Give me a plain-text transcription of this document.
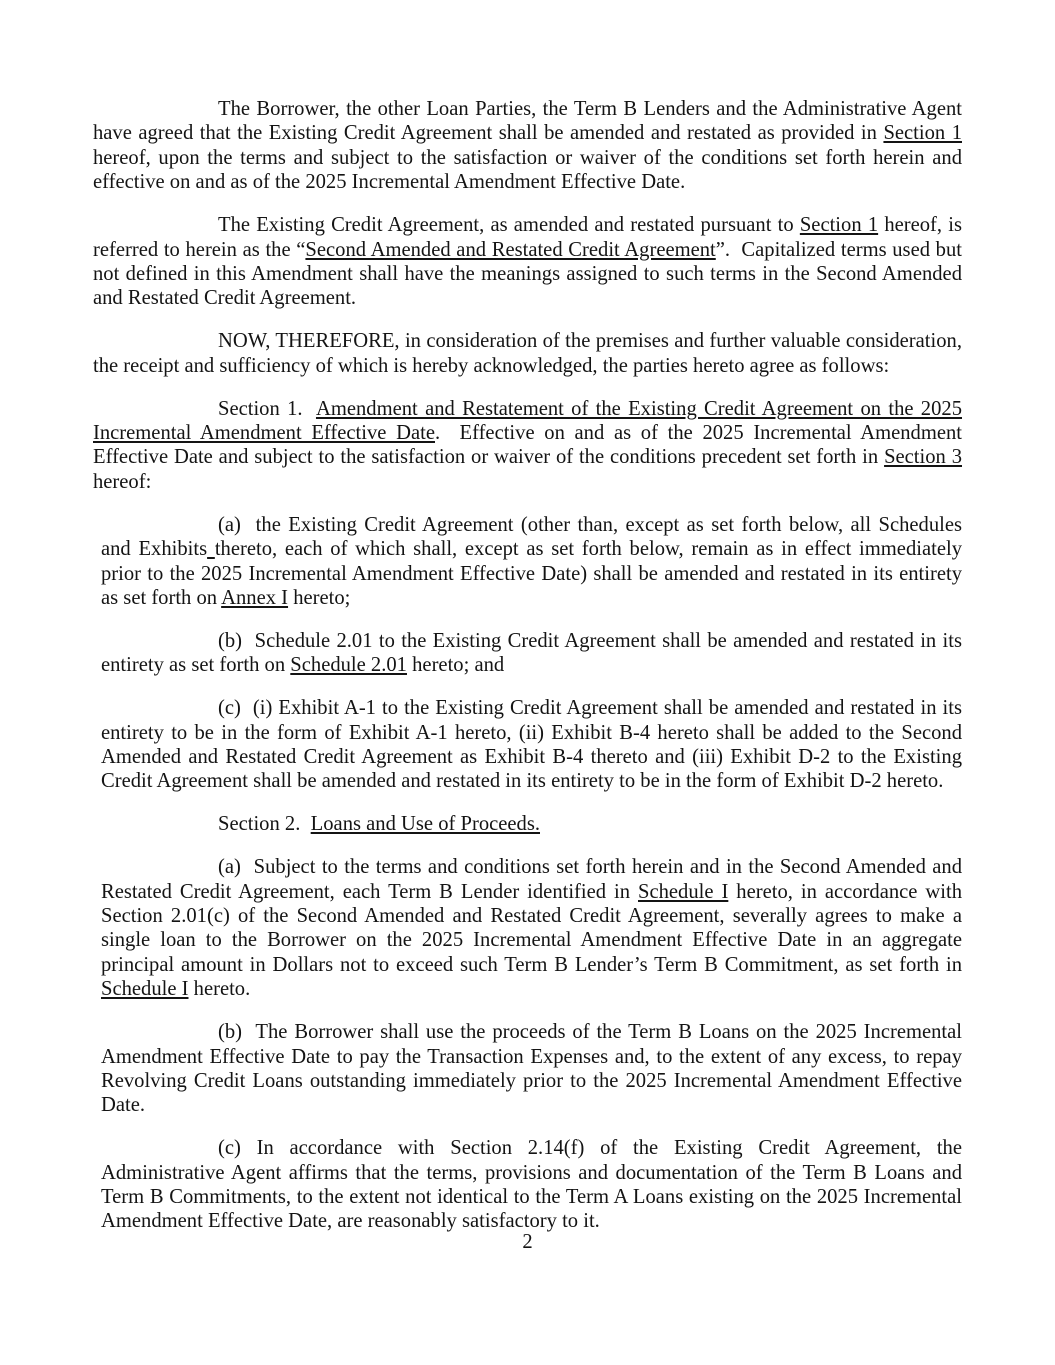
The Borrower, the other Loan Parties, the Term B Lenders and the Administrative Agent have agreed that the Existing Credit Agreement shall be amended and restated as provided in Section 1 hereof, upon the terms and subject to the satisfaction or waiver of the conditions set forth herein and effective on and as of the 2025 Incremental Amendment Effective Date.

The Existing Credit Agreement, as amended and restated pursuant to Section 1 hereof, is referred to herein as the “Second Amended and Restated Credit Agreement”.  Capitalized terms used but not defined in this Amendment shall have the meanings assigned to such terms in the Second Amended and Restated Credit Agreement.

NOW, THEREFORE, in consideration of the premises and further valuable consideration, the receipt and sufficiency of which is hereby acknowledged, the parties hereto agree as follows:

Section 1.  Amendment and Restatement of the Existing Credit Agreement on the 2025 Incremental Amendment Effective Date.  Effective on and as of the 2025 Incremental Amendment Effective Date and subject to the satisfaction or waiver of the conditions precedent set forth in Section 3 hereof:

(a)  the Existing Credit Agreement (other than, except as set forth below, all Schedules and Exhibits thereto, each of which shall, except as set forth below, remain as in effect immediately prior to the 2025 Incremental Amendment Effective Date) shall be amended and restated in its entirety as set forth on Annex I hereto;

(b)  Schedule 2.01 to the Existing Credit Agreement shall be amended and restated in its entirety as set forth on Schedule 2.01 hereto; and

(c)  (i) Exhibit A-1 to the Existing Credit Agreement shall be amended and restated in its entirety to be in the form of Exhibit A-1 hereto, (ii) Exhibit B-4 hereto shall be added to the Second Amended and Restated Credit Agreement as Exhibit B-4 thereto and (iii) Exhibit D-2 to the Existing Credit Agreement shall be amended and restated in its entirety to be in the form of Exhibit D-2 hereto.

Section 2.  Loans and Use of Proceeds.

(a)  Subject to the terms and conditions set forth herein and in the Second Amended and Restated Credit Agreement, each Term B Lender identified in Schedule I hereto, in accordance with Section 2.01(c) of the Second Amended and Restated Credit Agreement, severally agrees to make a single loan to the Borrower on the 2025 Incremental Amendment Effective Date in an aggregate principal amount in Dollars not to exceed such Term B Lender’s Term B Commitment, as set forth in Schedule I hereto.

(b)  The Borrower shall use the proceeds of the Term B Loans on the 2025 Incremental Amendment Effective Date to pay the Transaction Expenses and, to the extent of any excess, to repay Revolving Credit Loans outstanding immediately prior to the 2025 Incremental Amendment Effective Date.

(c) In accordance with Section 2.14(f) of the Existing Credit Agreement, the Administrative Agent affirms that the terms, provisions and documentation of the Term B Loans and Term B Commitments, to the extent not identical to the Term A Loans existing on the 2025 Incremental Amendment Effective Date, are reasonably satisfactory to it.

2
